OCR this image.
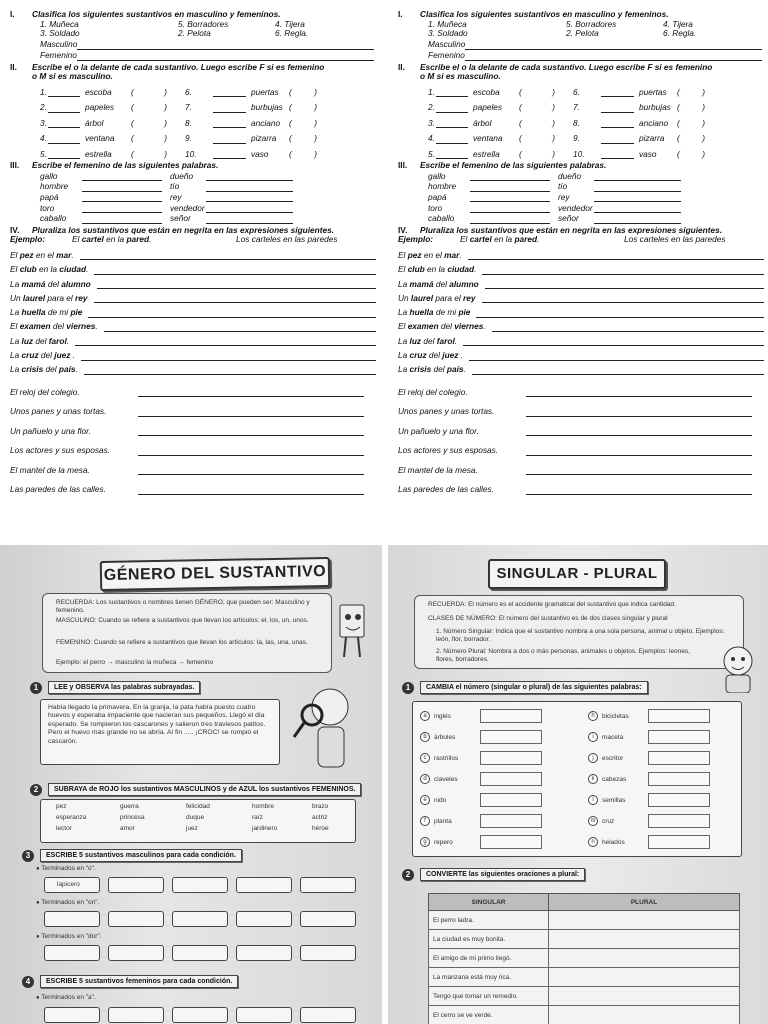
I. Clasifica los siguientes sustantivos en masculino y femeninos.
1. Muñeca	5. Borradores	4. Tijera
3. Soldado	2. Pelota	6. Regla.
Masculino
Femenino
II. Escribe el o la delante de cada sustantivo. Luego escribe F si es femenino
o M si es masculino.
1.	escoba	(	) 6.	puertas	(	)
2.	papeles	(	) 7.	burbujas (	)
3.	árbol	(	) 8.	anciano	(	)
4.	ventana	(	) 9.	pizarra	(	)
5.	estrella	(	) 10.	vaso	(	)
III. Escribe el femenino de las siguientes palabras.
gallo	dueño
hombre	tío
papá	rey
toro	vendedor
caballo	señor
IV. Pluraliza los sustantivos que están en negrita en las expresiones siguientes.
Ejemplo:	El cartel en la pared.	Los carteles en las paredes
El pez en el mar.
El club en la ciudad.
La mamá del alumno
Un laurel para el rey
La huella de mi pie
El examen del viernes.
La luz del farol.
La cruz del juez .
La crisis del país.
El reloj del colegio.
Unos panes y unas tortas.
Un pañuelo y una flor.
Los actores y sus esposas.
El mantel de la mesa.
Las paredes de las calles.
I. Clasifica los siguientes sustantivos en masculino y femeninos.
1. Muñeca	5. Borradores	4. Tijera
3. Soldado	2. Pelota	6. Regla.
Masculino
Femenino
II. Escribe el o la delante de cada sustantivo. Luego escribe F si es femenino
o M si es masculino.
1.	escoba	(	) 6.	puertas	(	)
2.	papeles	(	) 7.	burbujas (	)
3.	árbol	(	) 8.	anciano	(	)
4.	ventana	(	) 9.	pizarra	(	)
5.	estrella	(	) 10.	vaso	(	)
III. Escribe el femenino de las siguientes palabras.
gallo	dueño
hombre	tío
papá	rey
toro	vendedor
caballo	señor
IV. Pluraliza los sustantivos que están en negrita en las expresiones siguientes.
Ejemplo:	El cartel en la pared.	Los carteles en las paredes
El pez en el mar.
El club en la ciudad.
La mamá del alumno
Un laurel para el rey
La huella de mi pie
El examen del viernes.
La luz del farol.
La cruz del juez .
La crisis del país.
El reloj del colegio.
Unos panes y unas tortas.
Un pañuelo y una flor.
Los actores y sus esposas.
El mantel de la mesa.
Las paredes de las calles.
GÉNERO DEL SUSTANTIVO
RECUERDA: Los sustantivos o nombres tienen GÉNERO, que pueden ser: Masculino y femenino.
MASCULINO: Cuando se refiere a sustantivos que llevan los artículos: el, los, un, unos.
FEMENINO: Cuando se refiere a sustantivos que llevan los artículos: la, las, una, unas.
Ejemplo: el perro → masculino la muñeca → femenino
1	LEE y OBSERVA las palabras subrayadas.
Había llegado la primavera. En la granja, la pata había puesto cuatro huevos y esperaba impaciente que nacieran sus pequeños. Llegó el día esperado. Se rompieron los cascarones y salieron tres traviesos patitos. Pero el huevo más grande no se abría. Al fin ..... ¡CROC! se rompió el cascarón.
2	SUBRAYA de ROJO los sustantivos MASCULINOS y de AZUL los sustantivos FEMENINOS.
pez	guerra	felicidad	hombre	brazo
esperanza	princesa	duque	raíz	actriz
lector	amor	juez	jardinero	héroe
3	ESCRIBE 5 sustantivos masculinos para cada condición.
● Terminados en "o".
● Terminados en "on".
● Terminados en "dor".
4	ESCRIBE 5 sustantivos femeninos para cada condición.
● Terminados en "a".
lapicero
SINGULAR - PLURAL
RECUERDA: El número es el accidente gramatical del sustantivo que indica cantidad.
CLASES DE NÚMERO: El número del sustantivo es de dos clases singular y plural
1. Número Singular: Indica que el sustantivo nombra a una sola persona, animal u objeto. Ejemplos: león, flor, borrador.
2. Número Plural: Nombra a dos o más personas, animales u objetos. Ejemplos: leones, flores, borradores.
1	CAMBIA el número (singular o plural) de las siguientes palabras:
a	inglés
b	árboles
c	rastrillos
d	claveles
e	nido
f	planta
g	repero
h	bicicletas
i	maceta
j	escritor
k	cabezas
l	semillas
m	cruz
n	helados
2	CONVIERTE las siguientes oraciones a plural:
SINGULAR	PLURAL
El perro ladra.	
La ciudad es muy bonita.	
El amigo de mi primo llegó.	
La manzana está muy rica.	
Tengo que tomar un remedio.	
El cerro se ve verde.	
